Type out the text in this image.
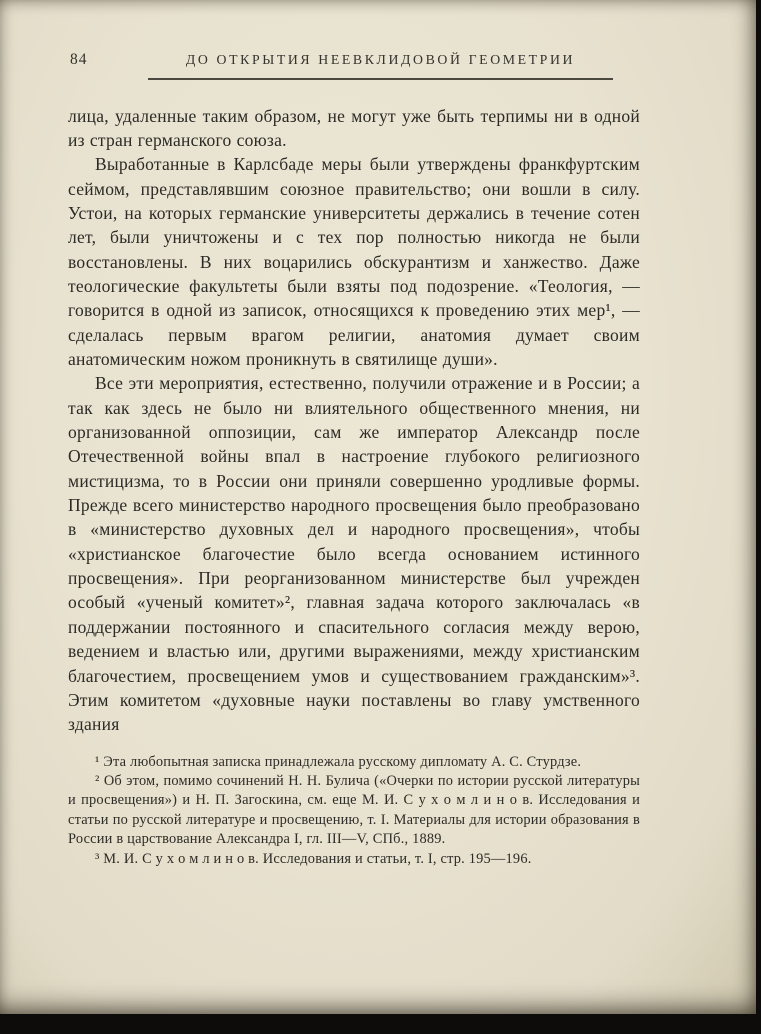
84	ДО ОТКРЫТИЯ НЕЕВКЛИДОВОЙ ГЕОМЕТРИИ

лица, удаленные таким образом, не могут уже быть терпимы ни в одной из стран германского союза.

Выработанные в Карлсбаде меры были утверждены франкфуртским сеймом, представлявшим союзное правительство; они вошли в силу. Устои, на которых германские университеты держались в течение сотен лет, были уничтожены и с тех пор полностью никогда не были восстановлены. В них воцарились обскурантизм и ханжество. Даже теологические факультеты были взяты под подозрение. «Теология, — говорится в одной из записок, относящихся к проведению этих мер¹, — сделалась первым врагом религии, анатомия думает своим анатомическим ножом проникнуть в святилище души».

Все эти мероприятия, естественно, получили отражение и в России; а так как здесь не было ни влиятельного общественного мнения, ни организованной оппозиции, сам же император Александр после Отечественной войны впал в настроение глубокого религиозного мистицизма, то в России они приняли совершенно уродливые формы. Прежде всего министерство народного просвещения было преобразовано в «министерство духовных дел и народного просвещения», чтобы «христианское благочестие было всегда основанием истинного просвещения». При реорганизованном министерстве был учрежден особый «ученый комитет»², главная задача которого заключалась «в поддержании постоянного и спасительного согласия между верою, ведением и властью или, другими выражениями, между христианским благочестием, просвещением умов и существованием гражданским»³. Этим комитетом «духовные науки поставлены во главу умственного здания

¹ Эта любопытная записка принадлежала русскому дипломату А. С. Стурдзе.

² Об этом, помимо сочинений Н. Н. Булича («Очерки по истории русской литературы и просвещения») и Н. П. Загоскина, см. еще М. И. С у х о м л и н о в. Исследования и статьи по русской литературе и просвещению, т. I. Материалы для истории образования в России в царствование Александра I, гл. III—V, СПб., 1889.

³ М. И. С у х о м л и н о в. Исследования и статьи, т. I, стр. 195—196.
